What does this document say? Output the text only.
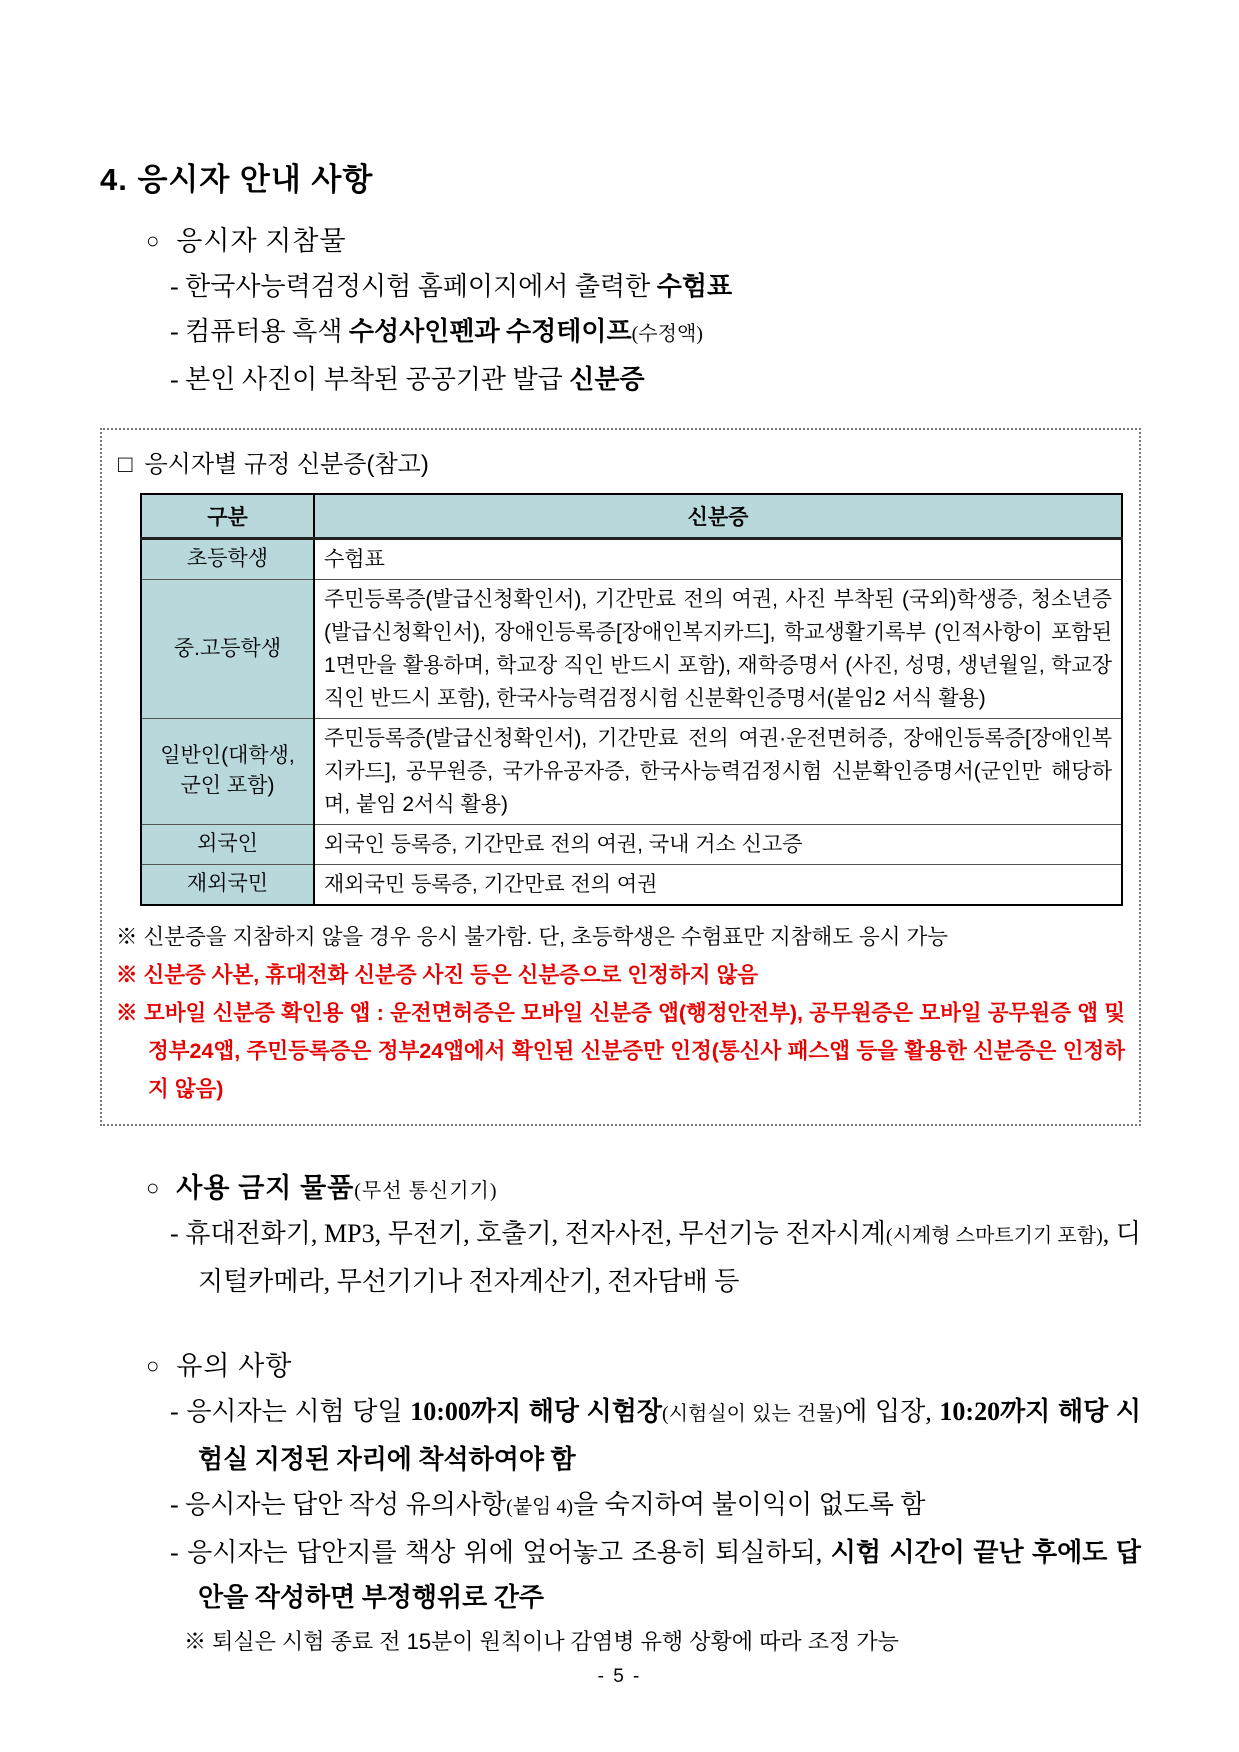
4. 응시자 안내 사항
○ 응시자 지참물
- 한국사능력검정시험 홈페이지에서 출력한 수험표
- 컴퓨터용 흑색 수성사인펜과 수정테이프(수정액)
- 본인 사진이 부착된 공공기관 발급 신분증
□ 응시자별 규정 신분증(참고)
구분	신분증
초등학생	수험표
중.고등학생	주민등록증(발급신청확인서), 기간만료 전의 여권, 사진 부착된 (국외)학생증, 청소년증(발급신청확인서), 장애인등록증[장애인복지카드], 학교생활기록부 (인적사항이 포함된 1면만을 활용하며, 학교장 직인 반드시 포함), 재학증명서 (사진, 성명, 생년월일, 학교장 직인 반드시 포함), 한국사능력검정시험 신분확인증명서(붙임2 서식 활용)
일반인(대학생, 군인 포함)	주민등록증(발급신청확인서), 기간만료 전의 여권·운전면허증, 장애인등록증[장애인복지카드], 공무원증, 국가유공자증, 한국사능력검정시험 신분확인증명서(군인만 해당하며, 붙임 2서식 활용)
외국인	외국인 등록증, 기간만료 전의 여권, 국내 거소 신고증
재외국민	재외국민 등록증, 기간만료 전의 여권
※ 신분증을 지참하지 않을 경우 응시 불가함. 단, 초등학생은 수험표만 지참해도 응시 가능
※ 신분증 사본, 휴대전화 신분증 사진 등은 신분증으로 인정하지 않음
※ 모바일 신분증 확인용 앱 : 운전면허증은 모바일 신분증 앱(행정안전부), 공무원증은 모바일 공무원증 앱 및 정부24앱, 주민등록증은 정부24앱에서 확인된 신분증만 인정(통신사 패스앱 등을 활용한 신분증은 인정하지 않음)
○ 사용 금지 물품(무선 통신기기)
- 휴대전화기, MP3, 무전기, 호출기, 전자사전, 무선기능 전자시계(시계형 스마트기기 포함), 디지털카메라, 무선기기나 전자계산기, 전자담배 등
○ 유의 사항
- 응시자는 시험 당일 10:00까지 해당 시험장(시험실이 있는 건물)에 입장, 10:20까지 해당 시험실 지정된 자리에 착석하여야 함
- 응시자는 답안 작성 유의사항(붙임 4)을 숙지하여 불이익이 없도록 함
- 응시자는 답안지를 책상 위에 엎어놓고 조용히 퇴실하되, 시험 시간이 끝난 후에도 답안을 작성하면 부정행위로 간주
※ 퇴실은 시험 종료 전 15분이 원칙이나 감염병 유행 상황에 따라 조정 가능
- 5 -
